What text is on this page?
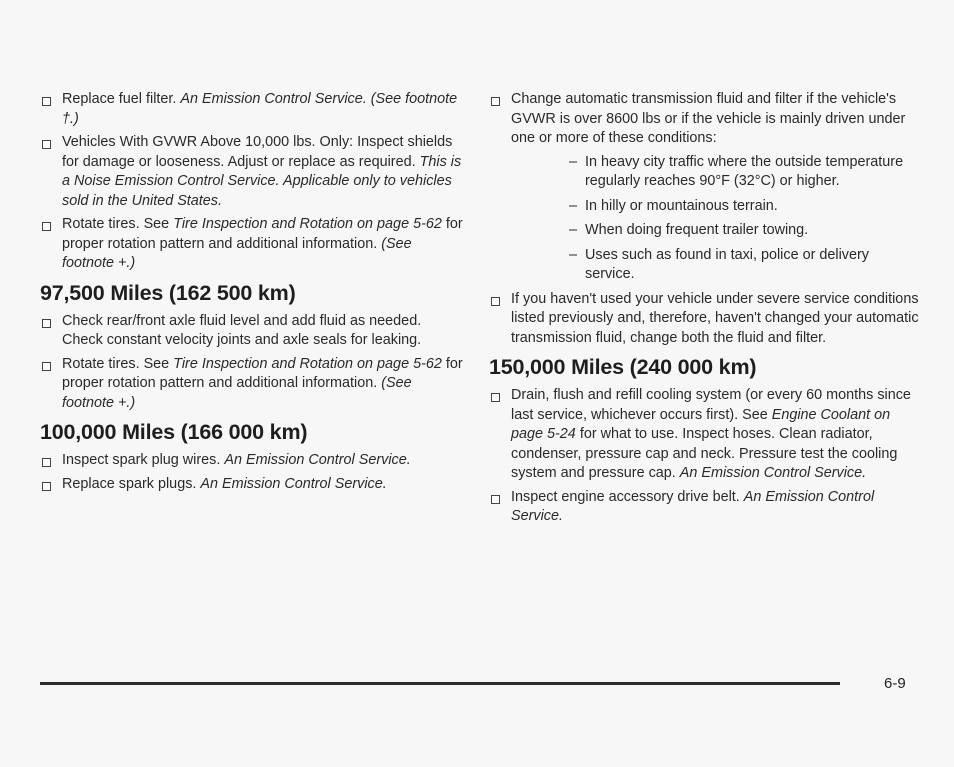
Replace fuel filter. An Emission Control Service. (See footnote †.)
Vehicles With GVWR Above 10,000 lbs. Only: Inspect shields for damage or looseness. Adjust or replace as required. This is a Noise Emission Control Service. Applicable only to vehicles sold in the United States.
Rotate tires. See Tire Inspection and Rotation on page 5-62 for proper rotation pattern and additional information. (See footnote +.)
97,500 Miles (162 500 km)
Check rear/front axle fluid level and add fluid as needed. Check constant velocity joints and axle seals for leaking.
Rotate tires. See Tire Inspection and Rotation on page 5-62 for proper rotation pattern and additional information. (See footnote +.)
100,000 Miles (166 000 km)
Inspect spark plug wires. An Emission Control Service.
Replace spark plugs. An Emission Control Service.
Change automatic transmission fluid and filter if the vehicle's GVWR is over 8600 lbs or if the vehicle is mainly driven under one or more of these conditions:
– In heavy city traffic where the outside temperature regularly reaches 90°F (32°C) or higher.
– In hilly or mountainous terrain.
– When doing frequent trailer towing.
– Uses such as found in taxi, police or delivery service.
If you haven't used your vehicle under severe service conditions listed previously and, therefore, haven't changed your automatic transmission fluid, change both the fluid and filter.
150,000 Miles (240 000 km)
Drain, flush and refill cooling system (or every 60 months since last service, whichever occurs first). See Engine Coolant on page 5-24 for what to use. Inspect hoses. Clean radiator, condenser, pressure cap and neck. Pressure test the cooling system and pressure cap. An Emission Control Service.
Inspect engine accessory drive belt. An Emission Control Service.
6-9
